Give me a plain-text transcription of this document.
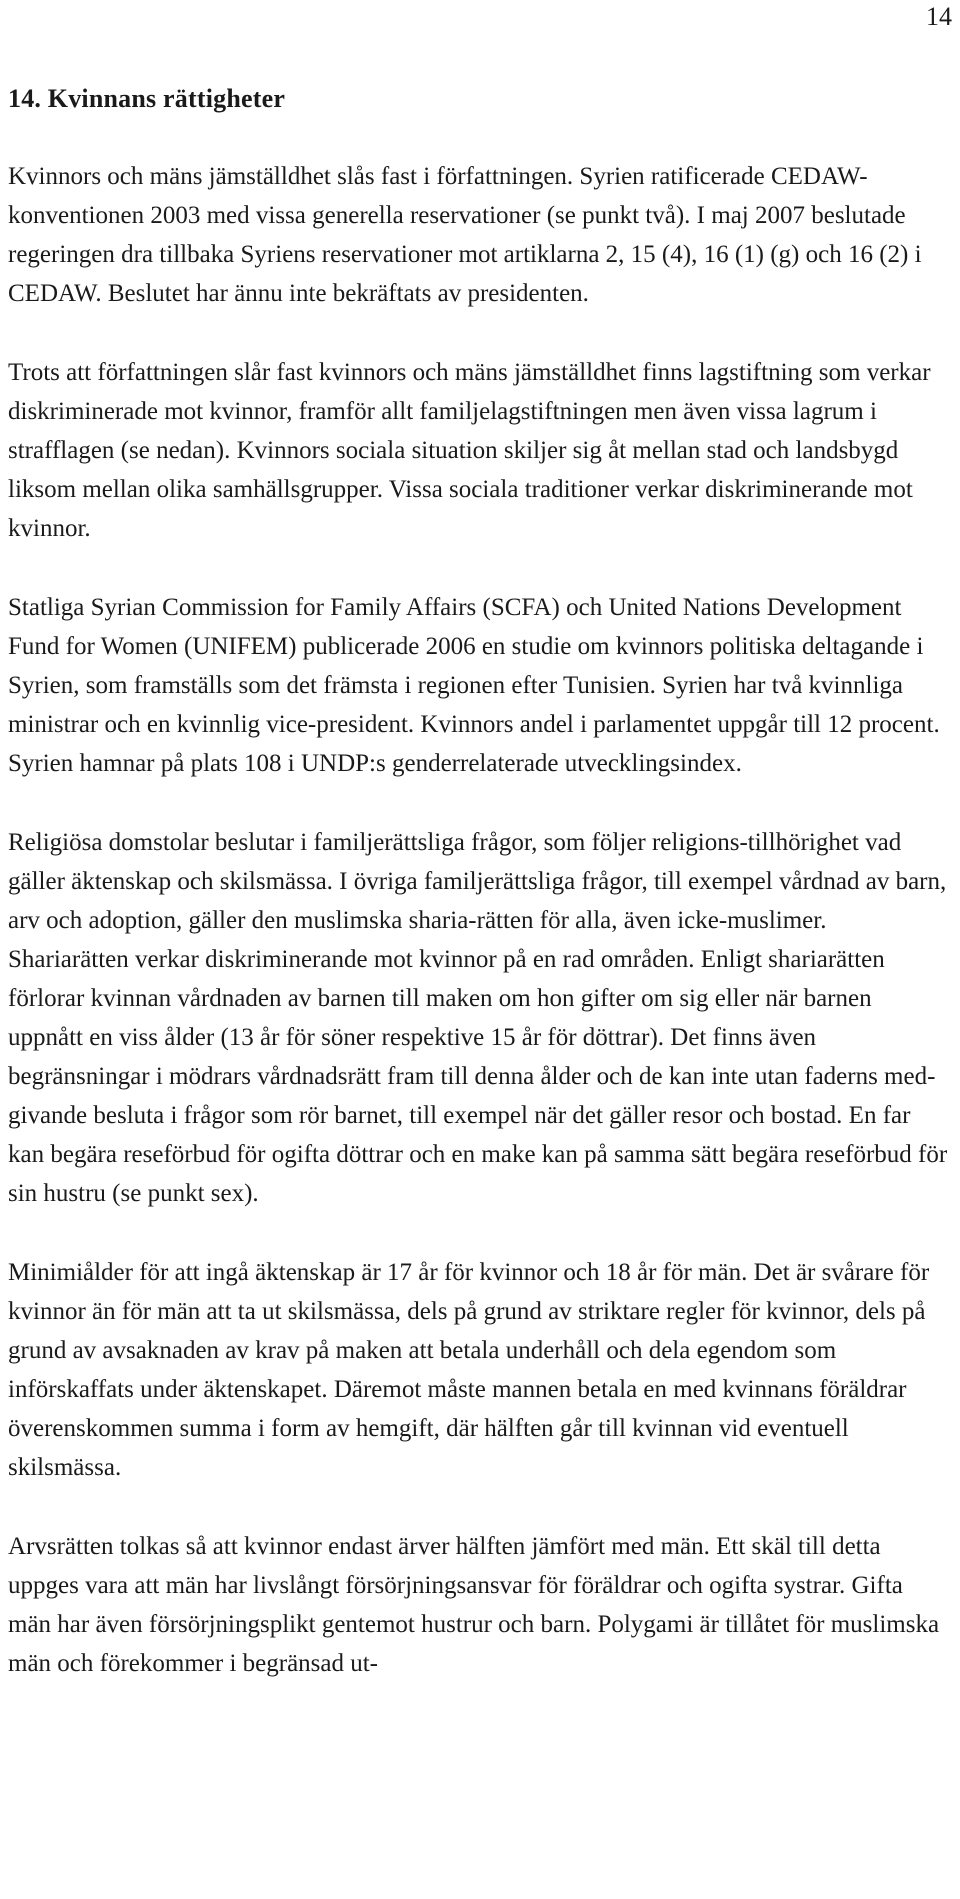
14
14. Kvinnans rättigheter

Kvinnors och mäns jämställdhet slås fast i författningen. Syrien ratificerade CEDAW-konventionen 2003 med vissa generella reservationer (se punkt två). I maj 2007 beslutade regeringen dra tillbaka Syriens reservationer mot artiklarna 2, 15 (4), 16 (1) (g) och 16 (2) i CEDAW. Beslutet har ännu inte bekräftats av presidenten.

Trots att författningen slår fast kvinnors och mäns jämställdhet finns lagstiftning som verkar diskriminerade mot kvinnor, framför allt familjelagstiftningen men även vissa lagrum i strafflagen (se nedan). Kvinnors sociala situation skiljer sig åt mellan stad och landsbygd liksom mellan olika samhällsgrupper. Vissa sociala traditioner verkar diskriminerande mot kvinnor.

Statliga Syrian Commission for Family Affairs (SCFA) och United Nations Development Fund for Women (UNIFEM) publicerade 2006 en studie om kvinnors politiska deltagande i Syrien, som framställs som det främsta i regionen efter Tunisien. Syrien har två kvinnliga ministrar och en kvinnlig vice-president. Kvinnors andel i parlamentet uppgår till 12 procent. Syrien hamnar på plats 108 i UNDP:s genderrelaterade utvecklingsindex.

Religiösa domstolar beslutar i familjerättsliga frågor, som följer religions-tillhörighet vad gäller äktenskap och skilsmässa. I övriga familjerättsliga frågor, till exempel vårdnad av barn, arv och adoption, gäller den muslimska sharia-rätten för alla, även icke-muslimer. Shariarätten verkar diskriminerande mot kvinnor på en rad områden. Enligt shariarätten förlorar kvinnan vårdnaden av barnen till maken om hon gifter om sig eller när barnen uppnått en viss ålder (13 år för söner respektive 15 år för döttrar). Det finns även begränsningar i mödrars vårdnadsrätt fram till denna ålder och de kan inte utan faderns med-givande besluta i frågor som rör barnet, till exempel när det gäller resor och bostad. En far kan begära reseförbud för ogifta döttrar och en make kan på samma sätt begära reseförbud för sin hustru (se punkt sex).

Minimiålder för att ingå äktenskap är 17 år för kvinnor och 18 år för män. Det är svårare för kvinnor än för män att ta ut skilsmässa, dels på grund av striktare regler för kvinnor, dels på grund av avsaknaden av krav på maken att betala underhåll och dela egendom som införskaffats under äktenskapet. Däremot måste mannen betala en med kvinnans föräldrar överenskommen summa i form av hemgift, där hälften går till kvinnan vid eventuell skilsmässa.

Arvsrätten tolkas så att kvinnor endast ärver hälften jämfört med män. Ett skäl till detta uppges vara att män har livslångt försörjningsansvar för föräldrar och ogifta systrar. Gifta män har även försörjningsplikt gentemot hustrur och barn. Polygami är tillåtet för muslimska män och förekommer i begränsad ut-
